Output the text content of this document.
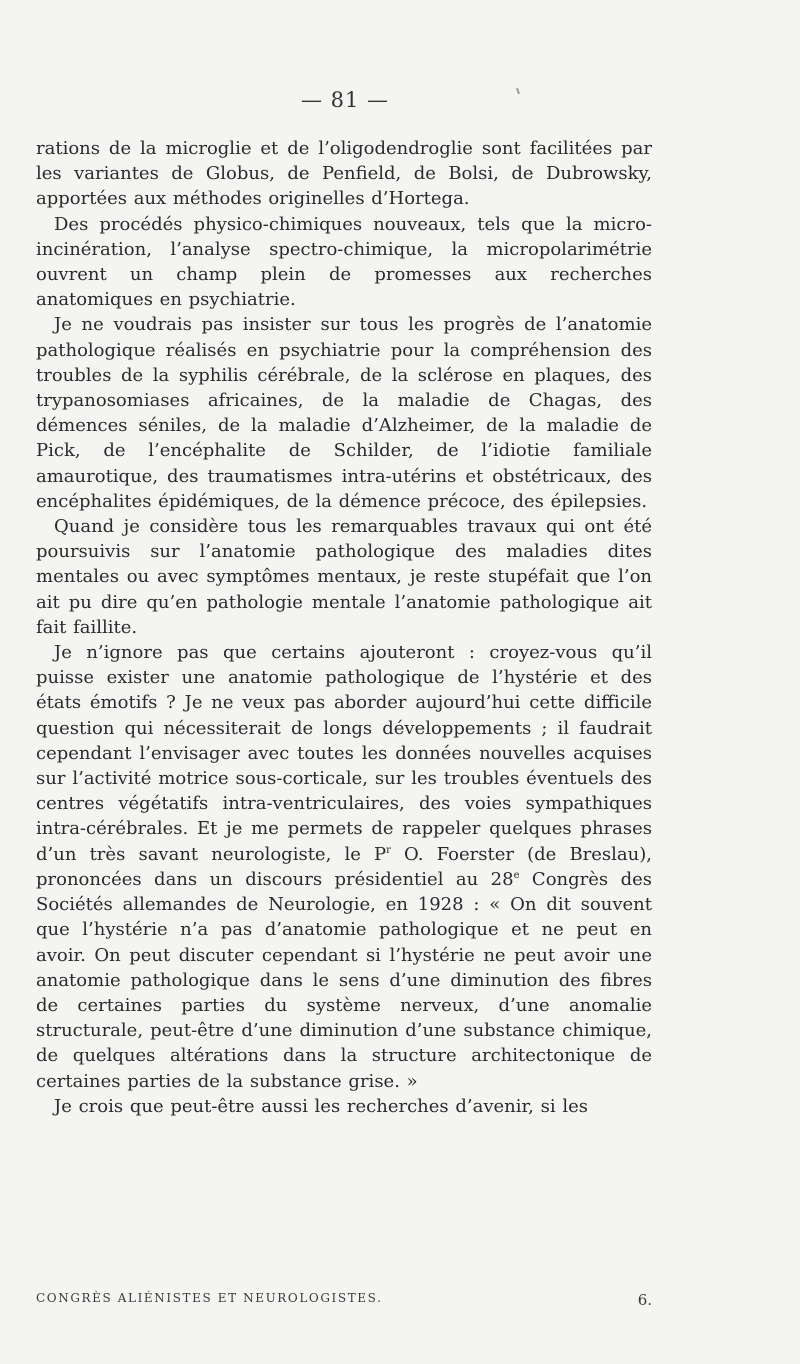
— 81 —

rations de la microglie et de l’oligodendroglie sont facilitées par les variantes de Globus, de Penfield, de Bolsi, de Dubrowsky, apportées aux méthodes originelles d’Hortega.

Des procédés physico-chimiques nouveaux, tels que la micro-incinération, l’analyse spectro-chimique, la micropolarimétrie ouvrent un champ plein de promesses aux recherches anatomiques en psychiatrie.

Je ne voudrais pas insister sur tous les progrès de l’anatomie pathologique réalisés en psychiatrie pour la compréhension des troubles de la syphilis cérébrale, de la sclérose en plaques, des trypanosomiases africaines, de la maladie de Chagas, des démences séniles, de la maladie d’Alzheimer, de la maladie de Pick, de l’encéphalite de Schilder, de l’idiotie familiale amaurotique, des traumatismes intra-utérins et obstétricaux, des encéphalites épidémiques, de la démence précoce, des épilepsies.

Quand je considère tous les remarquables travaux qui ont été poursuivis sur l’anatomie pathologique des maladies dites mentales ou avec symptômes mentaux, je reste stupéfait que l’on ait pu dire qu’en pathologie mentale l’anatomie pathologique ait fait faillite.

Je n’ignore pas que certains ajouteront : croyez-vous qu’il puisse exister une anatomie pathologique de l’hystérie et des états émotifs ? Je ne veux pas aborder aujourd’hui cette difficile question qui nécessiterait de longs développements ; il faudrait cependant l’envisager avec toutes les données nouvelles acquises sur l’activité motrice sous-corticale, sur les troubles éventuels des centres végétatifs intra-ventriculaires, des voies sympathiques intra-cérébrales. Et je me permets de rappeler quelques phrases d’un très savant neurologiste, le $P^r$ O. Foerster (de Breslau), prononcées dans un discours présidentiel au 28e Congrès des Sociétés allemandes de Neurologie, en 1928 : « On dit souvent que l’hystérie n’a pas d’anatomie pathologique et ne peut en avoir. On peut discuter cependant si l’hystérie ne peut avoir une anatomie pathologique dans le sens d’une diminution des fibres de certaines parties du système nerveux, d’une anomalie structurale, peut-être d’une diminution d’une substance chimique, de quelques altérations dans la structure architectonique de certaines parties de la substance grise. »

Je crois que peut-être aussi les recherches d’avenir, si les

CONGRÈS ALIÉNISTES ET NEUROLOGISTES.	6.
